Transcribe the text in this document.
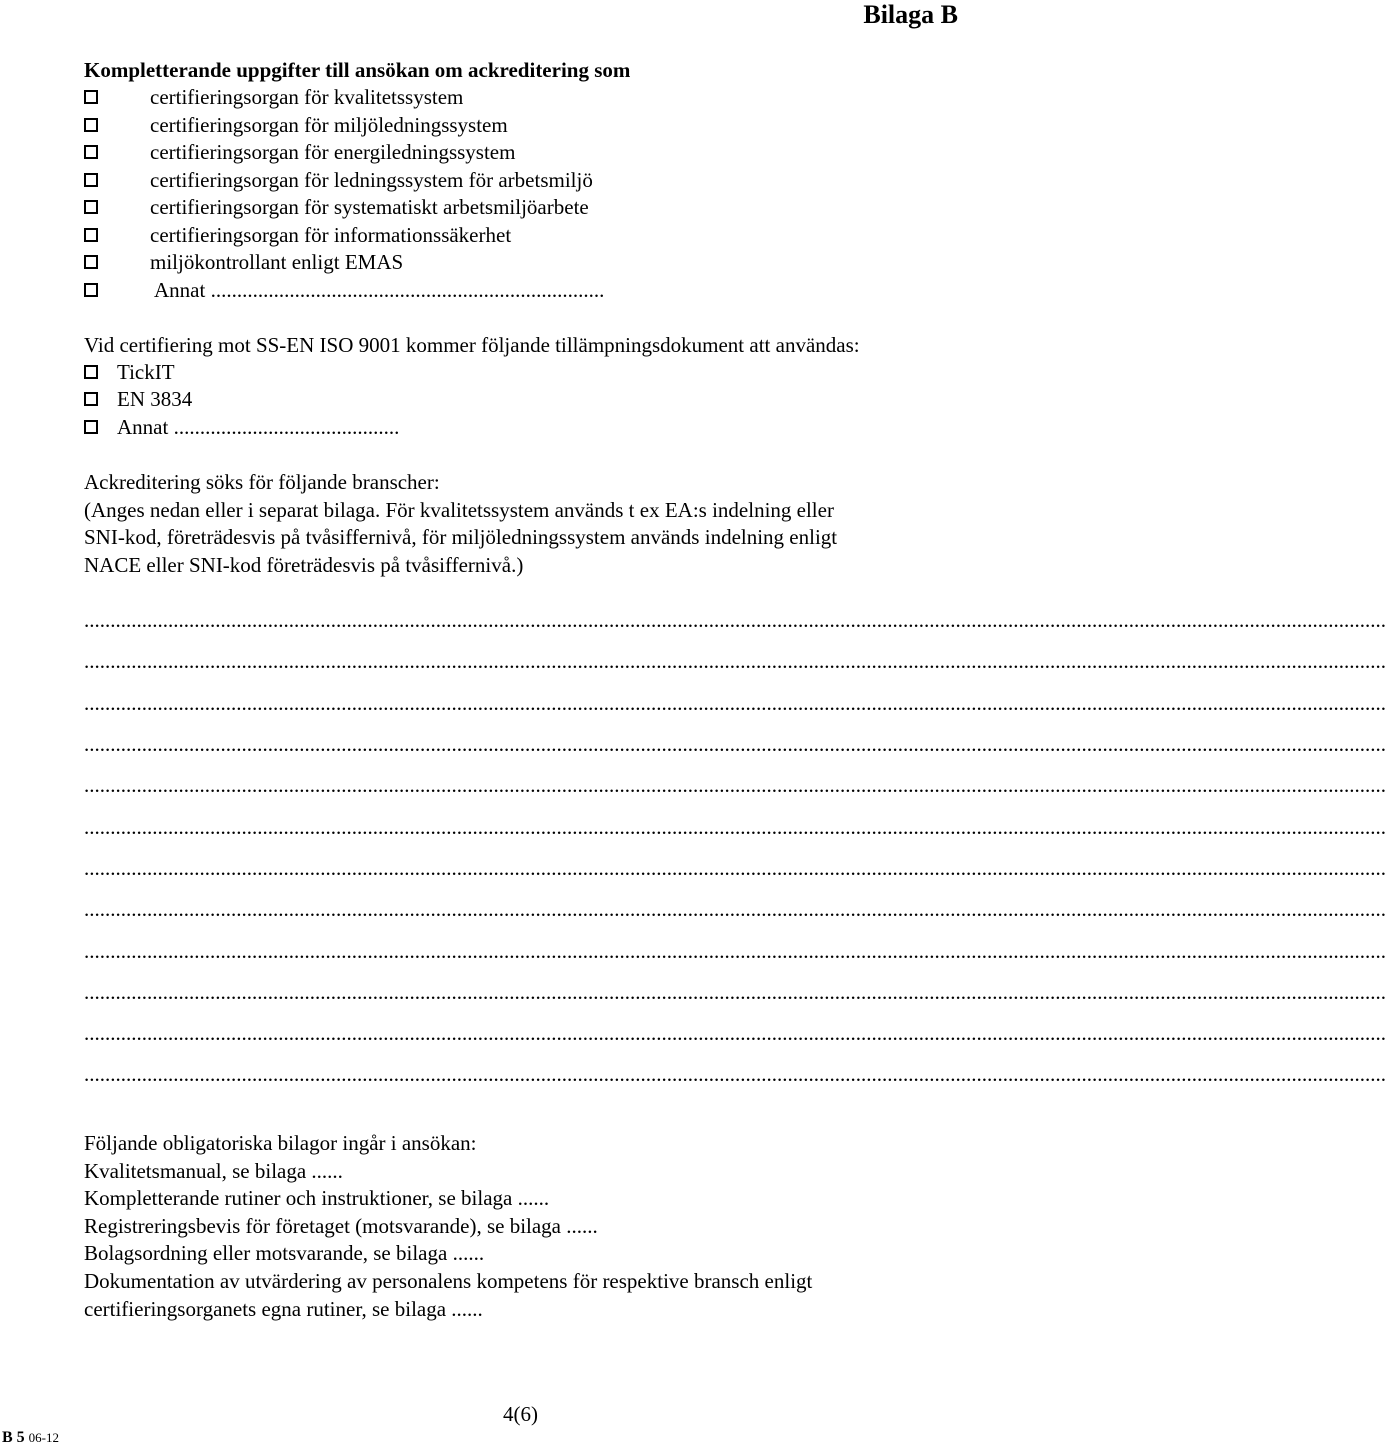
Bilaga B
Kompletterande uppgifter till ansökan om ackreditering som
certifieringsorgan för kvalitetssystem
certifieringsorgan för miljöledningssystem
certifieringsorgan för energiledningssystem
certifieringsorgan för ledningssystem för arbetsmiljö
certifieringsorgan för systematiskt arbetsmiljöarbete
certifieringsorgan för informationssäkerhet
miljökontrollant enligt EMAS
Annat ...........................................................................
Vid certifiering mot SS-EN ISO 9001 kommer följande tillämpningsdokument att användas:
TickIT
EN 3834
Annat ...........................................
Ackreditering söks för följande branscher:
(Anges nedan eller i separat bilaga. För kvalitetssystem används t ex EA:s indelning eller
SNI-kod, företrädesvis på tvåsiffernivå, för miljöledningssystem används indelning enligt
NACE eller SNI-kod företrädesvis på tvåsiffernivå.)
........................................................................................................................................................................................................................................................
........................................................................................................................................................................................................................................................
........................................................................................................................................................................................................................................................
........................................................................................................................................................................................................................................................
........................................................................................................................................................................................................................................................
........................................................................................................................................................................................................................................................
........................................................................................................................................................................................................................................................
........................................................................................................................................................................................................................................................
........................................................................................................................................................................................................................................................
........................................................................................................................................................................................................................................................
........................................................................................................................................................................................................................................................
........................................................................................................................................................................................................................................................
Följande obligatoriska bilagor ingår i ansökan:
Kvalitetsmanual, se bilaga ......
Kompletterande rutiner och instruktioner, se bilaga ......
Registreringsbevis för företaget (motsvarande), se bilaga ......
Bolagsordning eller motsvarande, se bilaga ......
Dokumentation av utvärdering av personalens kompetens för respektive bransch enligt
certifieringsorganets egna rutiner, se bilaga ......
4(6)
B 5 06-12
